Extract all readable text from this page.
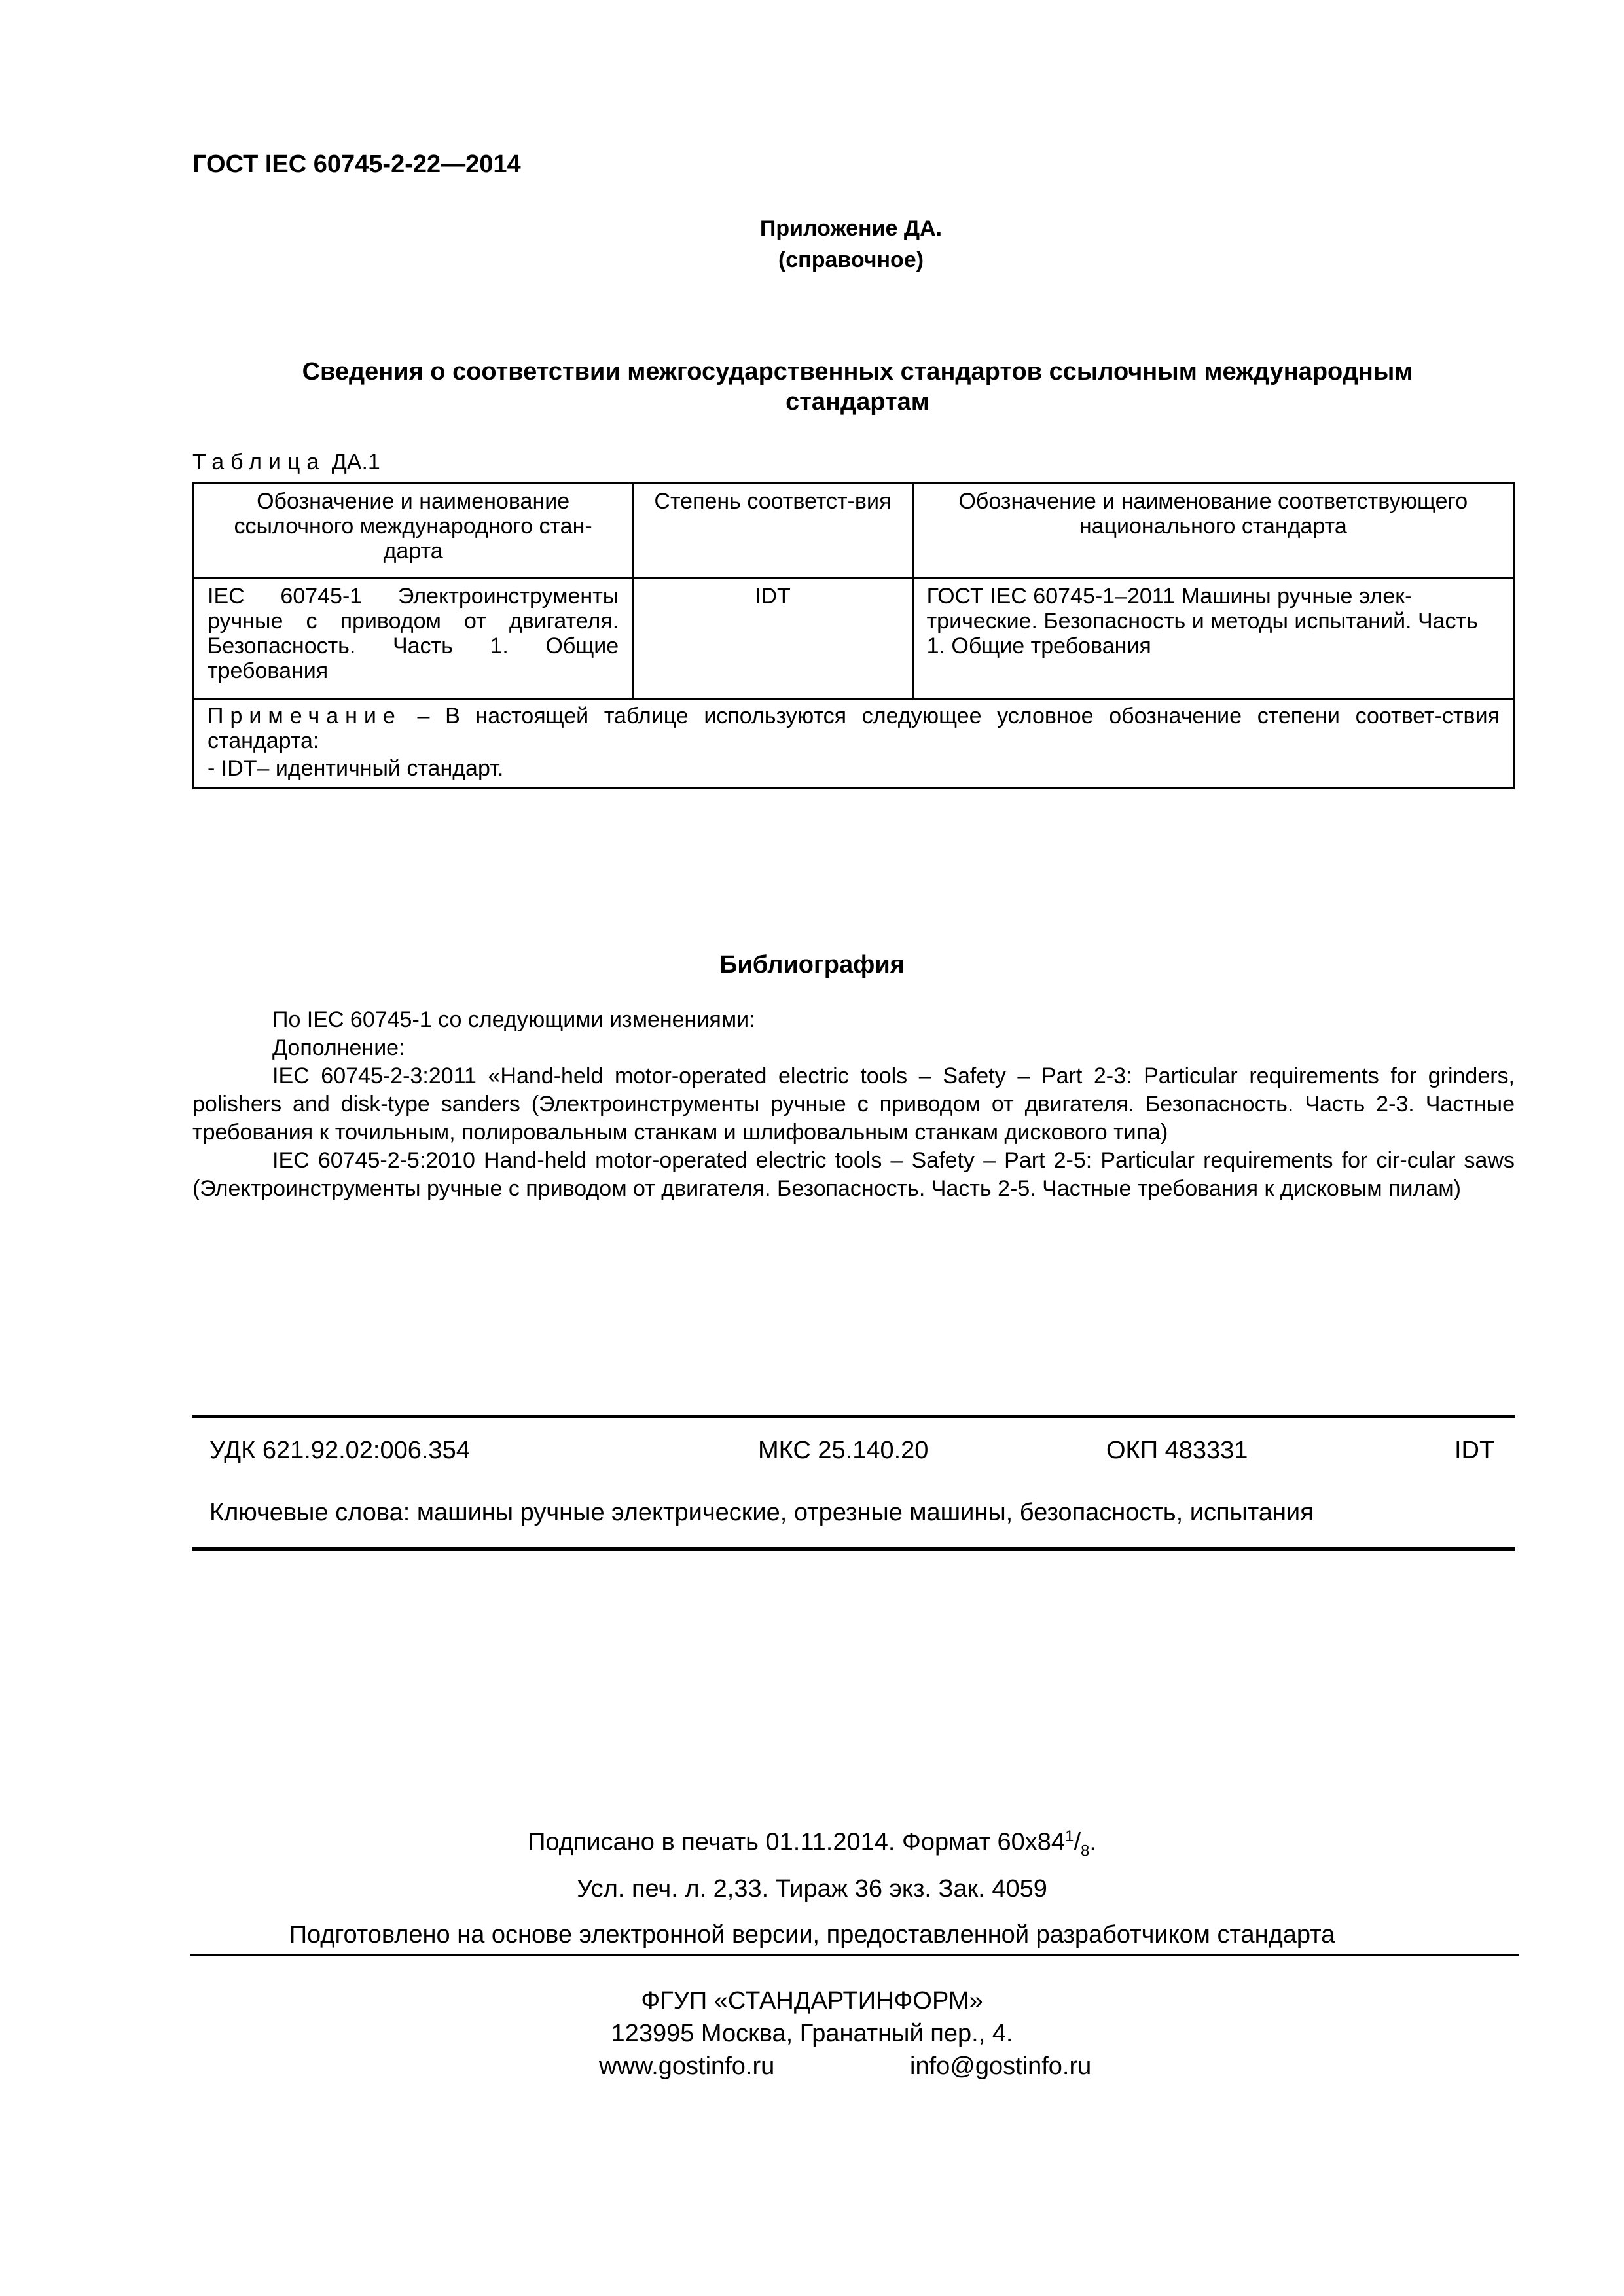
ГОСТ IEC 60745-2-22—2014
Приложение ДА.
(справочное)
Сведения о соответствии межгосударственных стандартов ссылочным международным
стандартам
Таблица ДА.1
Обозначение и наименование ссылочного международного стан-дарта	Степень соответст-вия	Обозначение и наименование соответствующего национального стандарта
IEC 60745-1 Электроинструменты ручные с приводом от двигателя. Безопасность. Часть 1. Общие требования	IDT	ГОСТ IEC 60745-1–2011 Машины ручные элек-трические. Безопасность и методы испытаний. Часть 1. Общие требования

Примечание – В настоящей таблице используются следующее условное обозначение степени соответ-ствия стандарта:
- IDT– идентичный стандарт.		
Библиография

По IEC 60745-1 со следующими изменениями:

Дополнение:

IEC 60745-2-3:2011 «Hand-held motor-operated electric tools – Safety – Part 2-3: Particular requirements for grinders, polishers and disk-type sanders (Электроинструменты ручные с приводом от двигателя. Безопасность. Часть 2-3. Частные требования к точильным, полировальным станкам и шлифовальным станкам дискового типа)

IEC 60745-2-5:2010 Hand-held motor-operated electric tools – Safety – Part 2-5: Particular requirements for cir-cular saws (Электроинструменты ручные с приводом от двигателя. Безопасность. Часть 2-5. Частные требования к дисковым пилам)

УДК 621.92.02:006.354	МКС 25.140.20	ОКП 483331	IDT
Ключевые слова: машины ручные электрические, отрезные машины, безопасность, испытания
Подписано в печать 01.11.2014. Формат $60x84^1/_8$.
Усл. печ. л. 2,33. Тираж 36 экз. Зак. 4059
Подготовлено на основе электронной версии, предоставленной разработчиком стандарта
ФГУП «СТАНДАРТИНФОРМ»
123995 Москва, Гранатный пер., 4.
www.gostinfo.ru	info@gostinfo.ru
